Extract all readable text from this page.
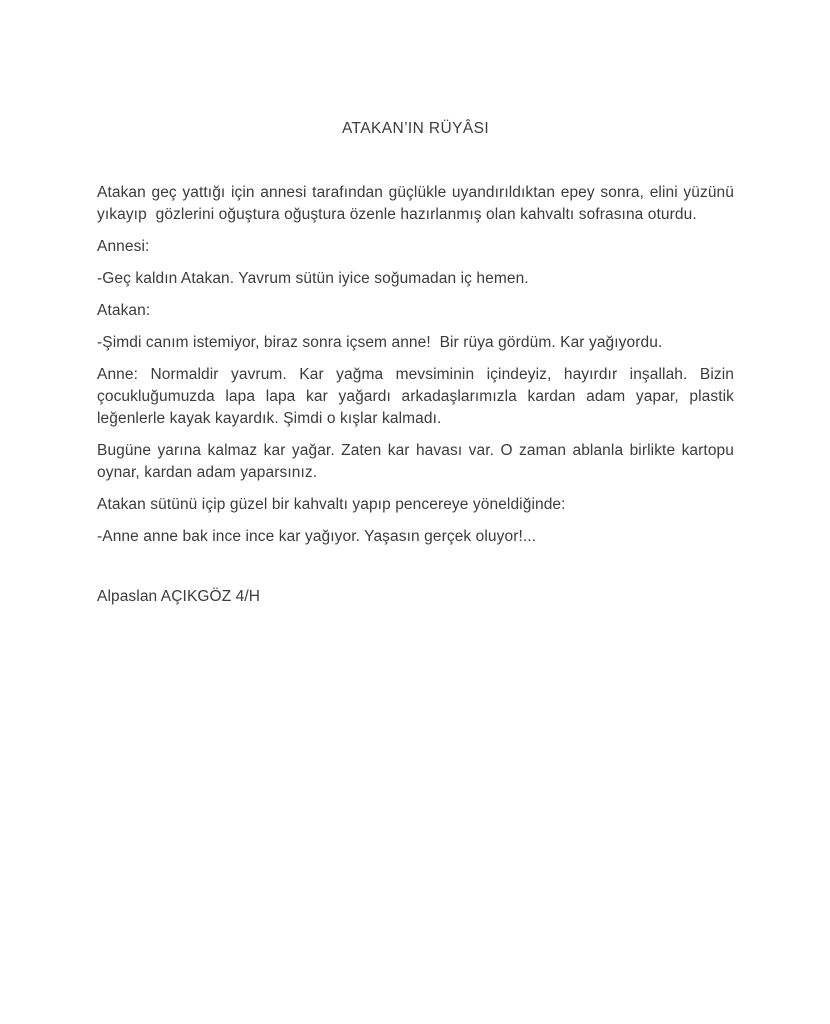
ATAKAN’IN RÜYÂSI

Atakan geç yattığı için annesi tarafından güçlükle uyandırıldıktan epey sonra, elini yüzünü yıkayıp  gözlerini oğuştura oğuştura özenle hazırlanmış olan kahvaltı sofrasına oturdu.

Annesi:

-Geç kaldın Atakan. Yavrum sütün iyice soğumadan iç hemen.

Atakan:

-Şimdi canım istemiyor, biraz sonra içsem anne!  Bir rüya gördüm. Kar yağıyordu.

Anne: Normaldir yavrum. Kar yağma mevsiminin içindeyiz, hayırdır inşallah. Bizin çocukluğumuzda lapa lapa kar yağardı arkadaşlarımızla kardan adam yapar, plastik leğenlerle kayak kayardık. Şimdi o kışlar kalmadı.

Bugüne yarına kalmaz kar yağar. Zaten kar havası var. O zaman ablanla birlikte kartopu oynar, kardan adam yaparsınız.

Atakan sütünü içip güzel bir kahvaltı yapıp pencereye yöneldiğinde:

-Anne anne bak ince ince kar yağıyor. Yaşasın gerçek oluyor!...

Alpaslan AÇIKGÖZ 4/H
